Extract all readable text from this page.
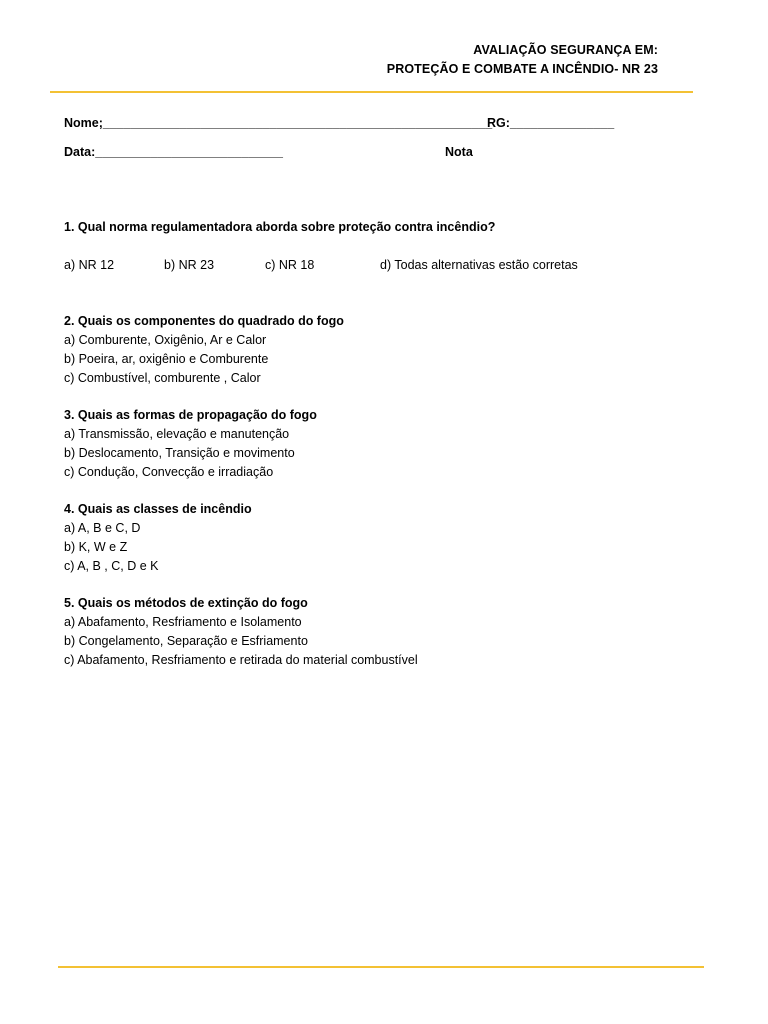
AVALIAÇÃO SEGURANÇA EM:
PROTEÇÃO E COMBATE A INCÊNDIO- NR 23
Nome;________________________________________________________
RG:_______________
Data:___________________________	Nota
1. Qual norma regulamentadora aborda sobre proteção contra incêndio?
a) NR 12	b) NR 23	c) NR 18	d) Todas alternativas estão corretas
2. Quais os componentes do quadrado do fogo
a) Comburente, Oxigênio, Ar e Calor
b) Poeira, ar, oxigênio e Comburente
c) Combustível, comburente , Calor
3. Quais as formas de propagação do fogo
a) Transmissão, elevação e manutenção
b) Deslocamento, Transição e movimento
c) Condução, Convecção e irradiação
4. Quais as classes de incêndio
a) A, B e C, D
b) K, W e Z
c) A, B , C, D e K
5. Quais os métodos de extinção do fogo
a) Abafamento, Resfriamento e Isolamento
b) Congelamento, Separação e Esfriamento
c) Abafamento, Resfriamento e retirada do material combustível
